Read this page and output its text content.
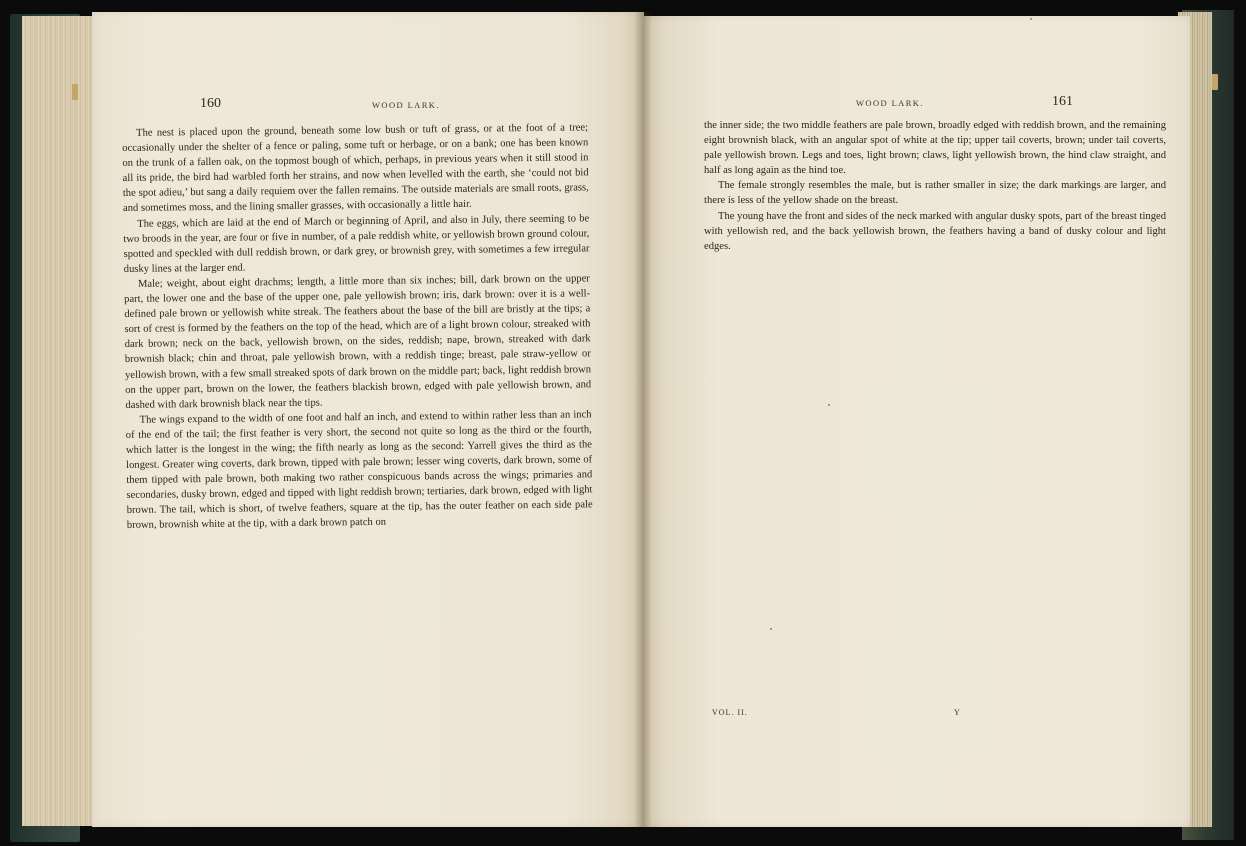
160	WOOD LARK.

The nest is placed upon the ground, beneath some low bush or tuft of grass, or at the foot of a tree; occasionally under the shelter of a fence or paling, some tuft or herbage, or on a bank; one has been known on the trunk of a fallen oak, on the topmost bough of which, perhaps, in previous years when it still stood in all its pride, the bird had warbled forth her strains, and now when levelled with the earth, she ‘could not bid the spot adieu,’ but sang a daily requiem over the fallen remains. The outside materials are small roots, grass, and sometimes moss, and the lining smaller grasses, with occasionally a little hair.

The eggs, which are laid at the end of March or beginning of April, and also in July, there seeming to be two broods in the year, are four or five in number, of a pale reddish white, or yellowish brown ground colour, spotted and speckled with dull reddish brown, or dark grey, or brownish grey, with sometimes a few irregular dusky lines at the larger end.

Male; weight, about eight drachms; length, a little more than six inches; bill, dark brown on the upper part, the lower one and the base of the upper one, pale yellowish brown; iris, dark brown: over it is a well-defined pale brown or yellowish white streak. The feathers about the base of the bill are bristly at the tips; a sort of crest is formed by the feathers on the top of the head, which are of a light brown colour, streaked with dark brown; neck on the back, yellowish brown, on the sides, reddish; nape, brown, streaked with dark brownish black; chin and throat, pale yellowish brown, with a reddish tinge; breast, pale straw-yellow or yellowish brown, with a few small streaked spots of dark brown on the middle part; back, light reddish brown on the upper part, brown on the lower, the feathers blackish brown, edged with pale yellowish brown, and dashed with dark brownish black near the tips.

The wings expand to the width of one foot and half an inch, and extend to within rather less than an inch of the end of the tail; the first feather is very short, the second not quite so long as the third or the fourth, which latter is the longest in the wing; the fifth nearly as long as the second: Yarrell gives the third as the longest. Greater wing coverts, dark brown, tipped with pale brown; lesser wing coverts, dark brown, some of them tipped with pale brown, both making two rather conspicuous bands across the wings; primaries and secondaries, dusky brown, edged and tipped with light reddish brown; tertiaries, dark brown, edged with light brown. The tail, which is short, of twelve feathers, square at the tip, has the outer feather on each side pale brown, brownish white at the tip, with a dark brown patch on

WOOD LARK.	161

the inner side; the two middle feathers are pale brown, broadly edged with reddish brown, and the remaining eight brownish black, with an angular spot of white at the tip; upper tail coverts, brown; under tail coverts, pale yellowish brown. Legs and toes, light brown; claws, light yellowish brown, the hind claw straight, and half as long again as the hind toe.

The female strongly resembles the male, but is rather smaller in size; the dark markings are larger, and there is less of the yellow shade on the breast.

The young have the front and sides of the neck marked with angular dusky spots, part of the breast tinged with yellowish red, and the back yellowish brown, the feathers having a band of dusky colour and light edges.

VOL. II.	Y
